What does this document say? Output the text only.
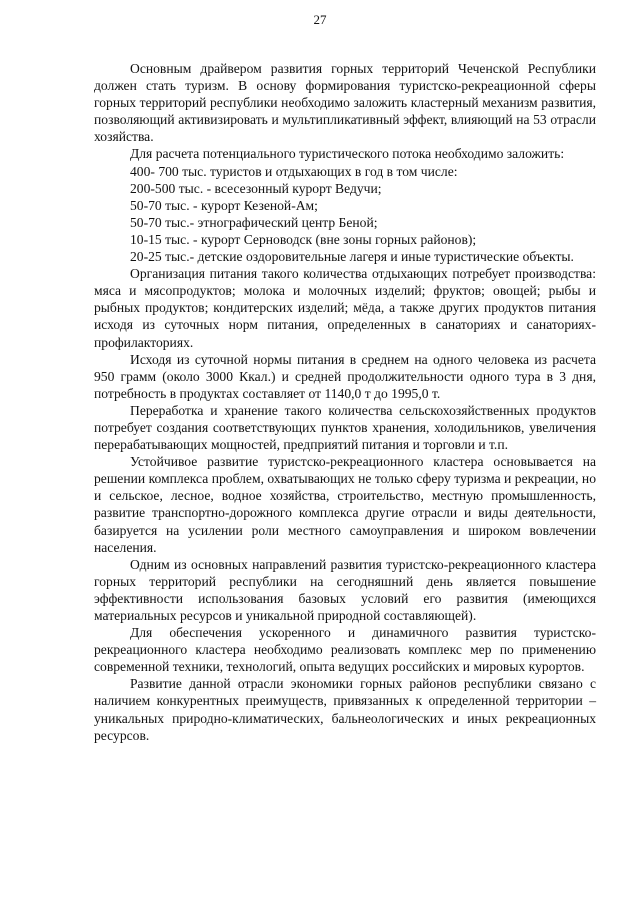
27

Основным драйвером развития горных территорий Чеченской Республики должен стать туризм. В основу формирования туристско-рекреационной сферы горных территорий республики необходимо заложить кластерный механизм развития, позволяющий активизировать и мультипликативный эффект, влияющий на 53 отрасли хозяйства.

Для расчета потенциального туристического потока необходимо заложить:

400- 700 тыс. туристов и отдыхающих в год в том числе:

200-500 тыс. - всесезонный курорт Ведучи;

50-70 тыс. - курорт Кезеной-Ам;

50-70 тыс.- этнографический центр Беной;

10-15 тыс. - курорт Серноводск (вне зоны горных районов);

20-25 тыс.- детские оздоровительные лагеря и иные туристические объекты.

Организация питания такого количества отдыхающих потребует производства: мяса и мясопродуктов; молока и молочных изделий; фруктов; овощей; рыбы и рыбных продуктов; кондитерских изделий; мёда, а также других продуктов питания исходя из суточных норм питания, определенных в санаториях и санаториях-профилакториях.

Исходя из суточной нормы питания в среднем на одного человека из расчета 950 грамм (около 3000 Ккал.) и средней продолжительности одного тура в 3 дня, потребность в продуктах составляет от 1140,0 т до 1995,0 т.

Переработка и хранение такого количества сельскохозяйственных продуктов потребует создания соответствующих пунктов хранения, холодильников, увеличения перерабатывающих мощностей, предприятий питания и торговли и т.п.

Устойчивое развитие туристско-рекреационного кластера основывается на решении комплекса проблем, охватывающих не только сферу туризма и рекреации, но и сельское, лесное, водное хозяйства, строительство, местную промышленность, развитие транспортно-дорожного комплекса другие отрасли и виды деятельности, базируется на усилении роли местного самоуправления и широком вовлечении населения.

Одним из основных направлений развития туристско-рекреационного кластера горных территорий республики на сегодняшний день является повышение эффективности использования базовых условий его развития (имеющихся материальных ресурсов и уникальной природной составляющей).

Для обеспечения ускоренного и динамичного развития туристско-рекреационного кластера необходимо реализовать комплекс мер по применению современной техники, технологий, опыта ведущих российских и мировых курортов.

Развитие данной отрасли экономики горных районов республики связано с наличием конкурентных преимуществ, привязанных к определенной территории – уникальных природно-климатических, бальнеологических и иных рекреационных ресурсов.
